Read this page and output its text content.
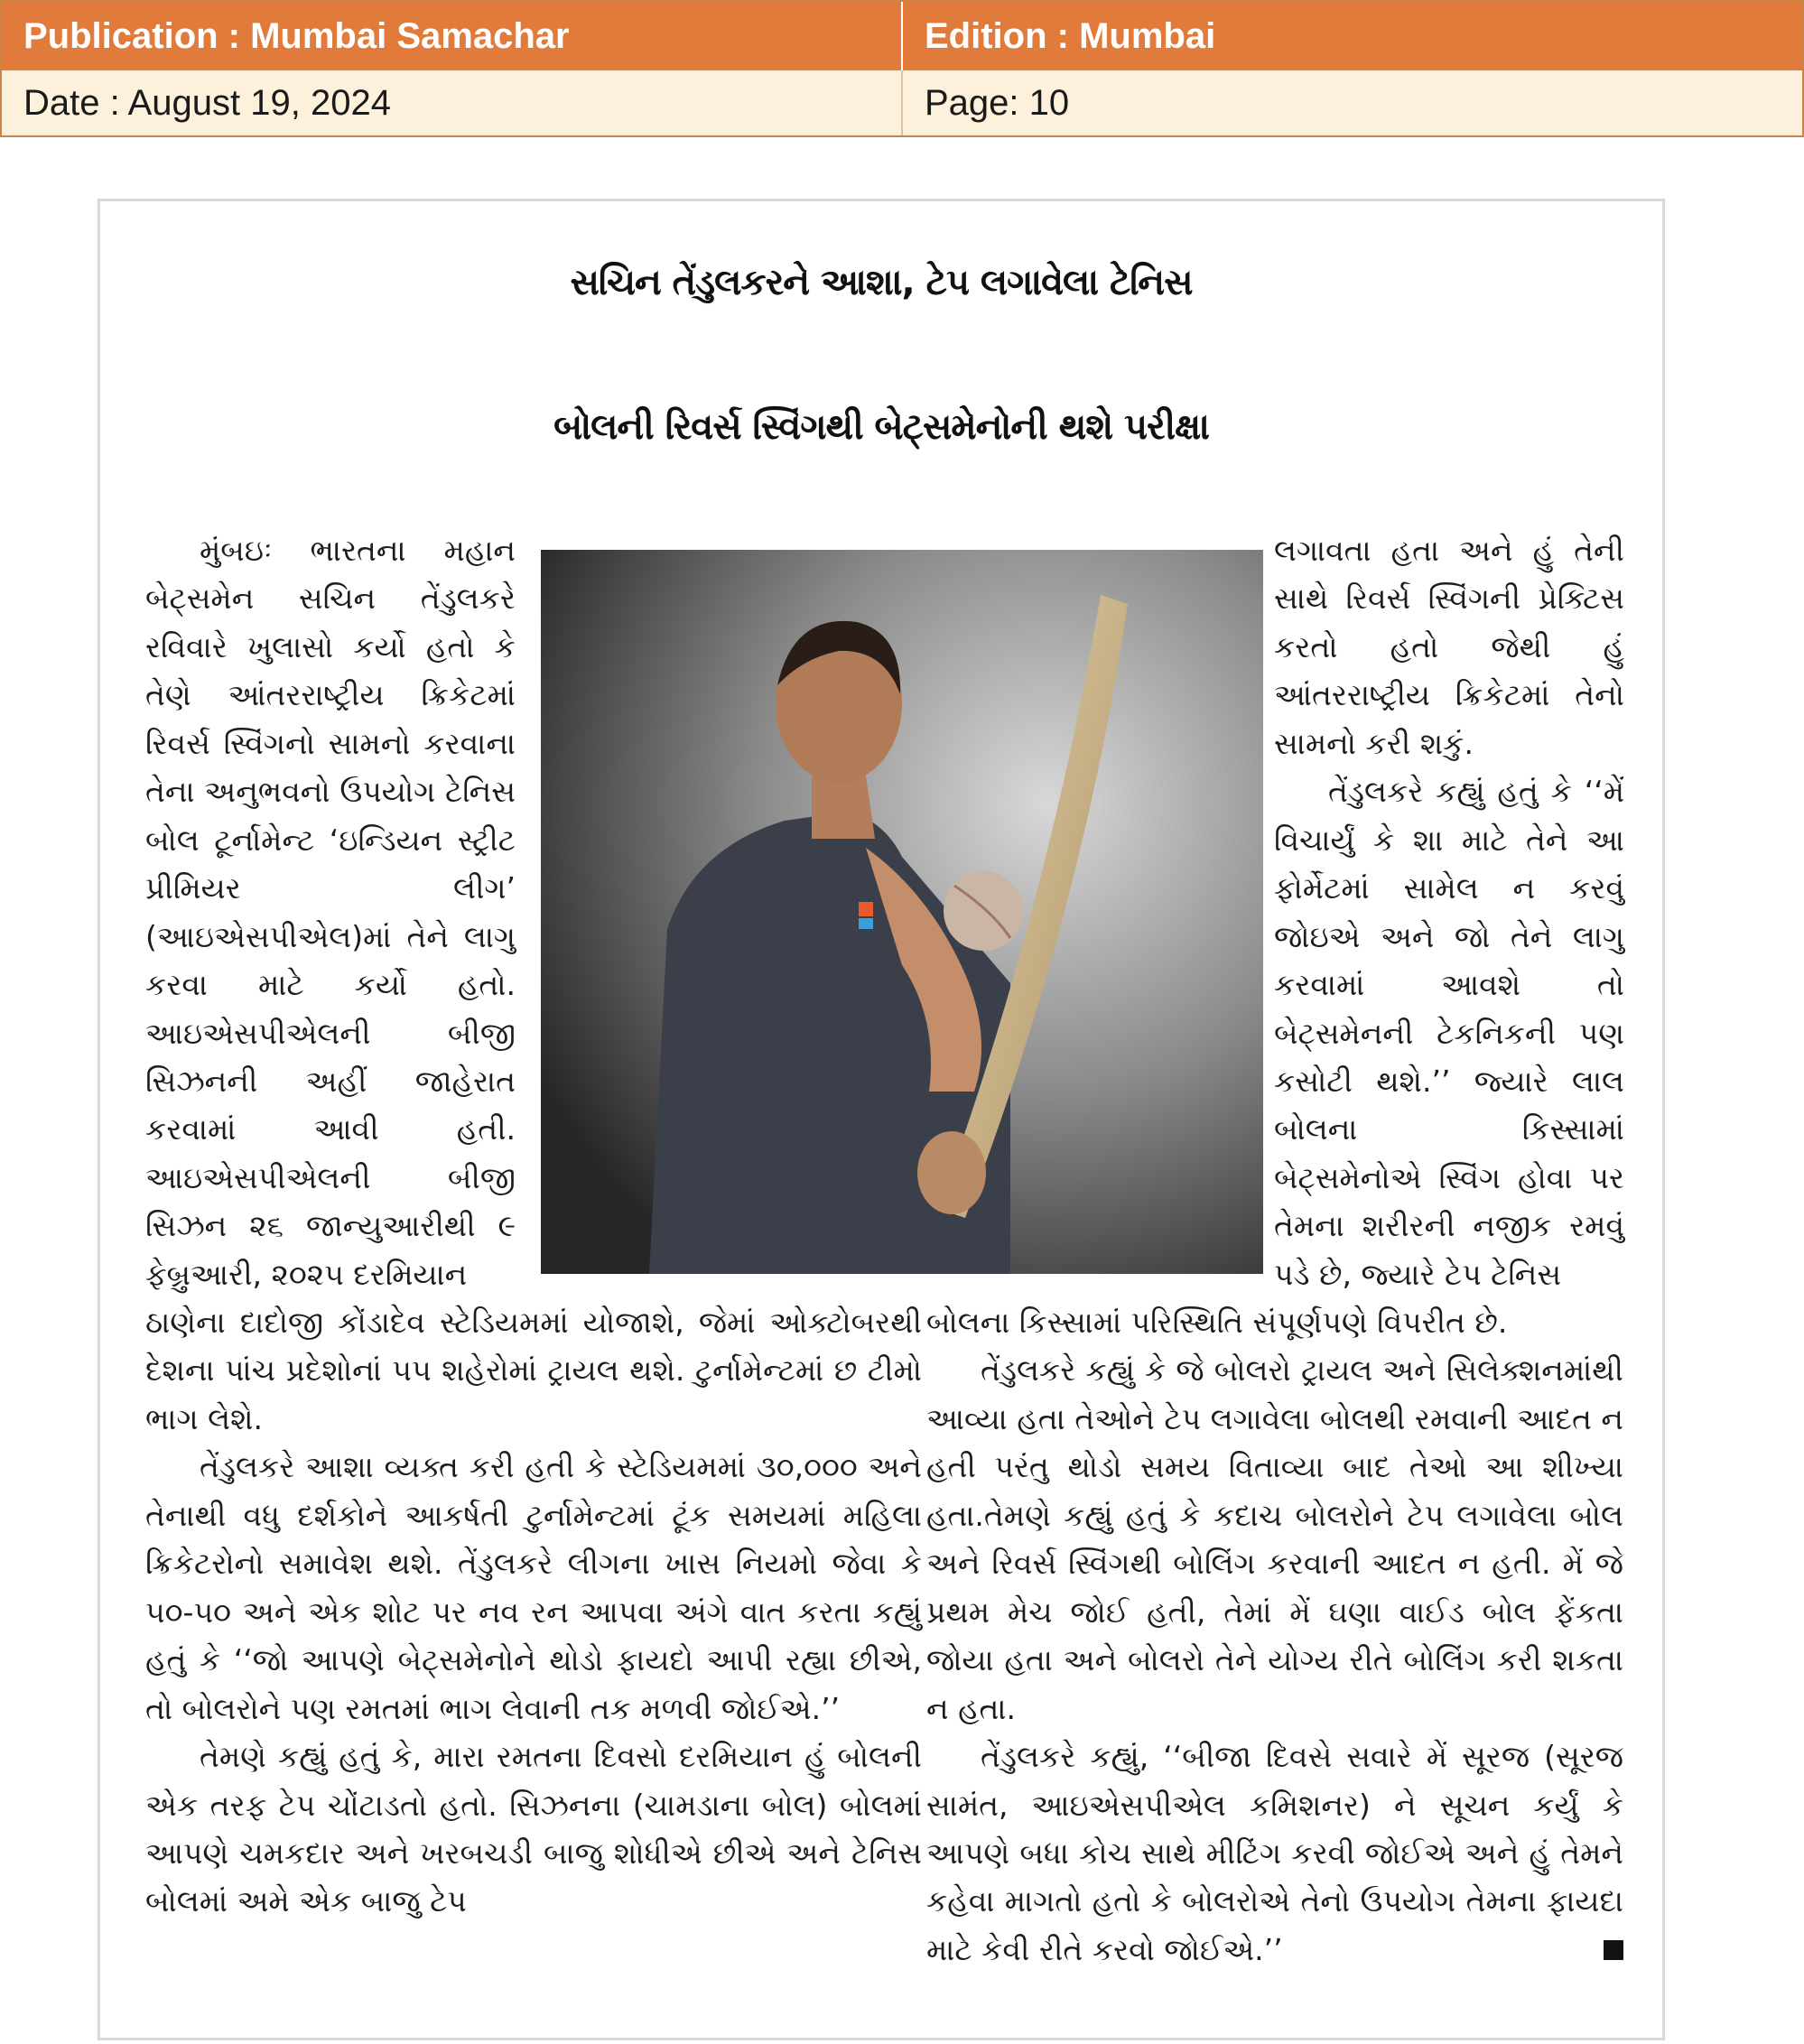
Publication : Mumbai Samachar	Edition : Mumbai
Date : August 19, 2024	Page: 10
સચિન તેંડુલકરને આશા, ટેપ લગાવેલા ટેનિસ
બોલની રિવર્સ સ્વિંગથી બેટ્સમેનોની થશે પરીક્ષા

મુંબઇઃ ભારતના મહાન બેટ્સમેન સચિન તેંડુલકરે રવિવારે ખુલાસો કર્યો હતો કે તેણે આંતરરાષ્ટ્રીય ક્રિકેટમાં રિવર્સ સ્વિંગનો સામનો કરવાના તેના અનુભવનો ઉપયોગ ટેનિસ બોલ ટૂર્નામેન્ટ ‘ઇન્ડિયન સ્ટ્રીટ પ્રીમિયર લીગ’ (આઇએસપીએલ)માં તેને લાગુ કરવા માટે કર્યો હતો. આઇએસપીએલની બીજી સિઝનની અહીં જાહેરાત કરવામાં આવી હતી. આઇએસપીએલની બીજી સિઝન ૨૬ જાન્યુઆરીથી ૯ ફેબ્રુઆરી, ૨૦૨૫ દરમિયાન

લગાવતા હતા અને હું તેની સાથે રિવર્સ સ્વિંગની પ્રેક્ટિસ કરતો હતો જેથી હું આંતરરાષ્ટ્રીય ક્રિકેટમાં તેનો સામનો કરી શકું.

તેંડુલકરે કહ્યું હતું કે ‘‘મેં વિચાર્યું કે શા માટે તેને આ ફોર્મેટમાં સામેલ ન કરવું જોઇએ અને જો તેને લાગુ કરવામાં આવશે તો બેટ્સમેનની ટેકનિકની પણ કસોટી થશે.’’ જ્યારે લાલ બોલના કિસ્સામાં બેટ્સમેનોએ સ્વિંગ હોવા પર તેમના શરીરની નજીક રમવું પડે છે, જ્યારે ટેપ ટેનિસ

ઠાણેના દાદોજી કોંડાદેવ સ્ટેડિયમમાં યોજાશે, જેમાં ઓક્ટોબરથી દેશના પાંચ પ્રદેશોનાં ૫૫ શહેરોમાં ટ્રાયલ થશે. ટુર્નામેન્ટમાં છ ટીમો ભાગ લેશે.

તેંડુલકરે આશા વ્યક્ત કરી હતી કે સ્ટેડિયમમાં ૩૦,૦૦૦ અને તેનાથી વધુ દર્શકોને આકર્ષતી ટુર્નામેન્ટમાં ટૂંક સમયમાં મહિલા ક્રિકેટરોનો સમાવેશ થશે. તેંડુલકરે લીગના ખાસ નિયમો જેવા કે ૫૦-૫૦ અને એક શોટ પર નવ રન આપવા અંગે વાત કરતા કહ્યું હતું કે ‘‘જો આપણે બેટ્સમેનોને થોડો ફાયદો આપી રહ્યા છીએ, તો બોલરોને પણ રમતમાં ભાગ લેવાની તક મળવી જોઈએ.’’

તેમણે કહ્યું હતું કે, મારા રમતના દિવસો દરમિયાન હું બોલની એક તરફ ટેપ ચોંટાડતો હતો. સિઝનના (ચામડાના બોલ) બોલમાં આપણે ચમકદાર અને ખરબચડી બાજુ શોધીએ છીએ અને ટેનિસ બોલમાં અમે એક બાજુ ટેપ

બોલના કિસ્સામાં પરિસ્થિતિ સંપૂર્ણપણે વિપરીત છે.

તેંડુલકરે કહ્યું કે જે બોલરો ટ્રાયલ અને સિલેક્શનમાંથી આવ્યા હતા તેઓને ટેપ લગાવેલા બોલથી રમવાની આદત ન હતી પરંતુ થોડો સમય વિતાવ્યા બાદ તેઓ આ શીખ્યા હતા.તેમણે કહ્યું હતું કે કદાચ બોલરોને ટેપ લગાવેલા બોલ અને રિવર્સ સ્વિંગથી બોલિંગ કરવાની આદત ન હતી. મેં જે પ્રથમ મેચ જોઈ હતી, તેમાં મેં ઘણા વાઈડ બોલ ફેંકતા જોયા હતા અને બોલરો તેને યોગ્ય રીતે બોલિંગ કરી શકતા ન હતા.

તેંડુલકરે કહ્યું, ‘‘બીજા દિવસે સવારે મેં સૂરજ (સૂરજ સામંત, આઇએસપીએલ કમિશનર) ને સૂચન કર્યું કે આપણે બધા કોચ સાથે મીટિંગ કરવી જોઈએ અને હું તેમને કહેવા માગતો હતો કે બોલરોએ તેનો ઉપયોગ તેમના ફાયદા માટે કેવી રીતે કરવો જોઈએ.’’
